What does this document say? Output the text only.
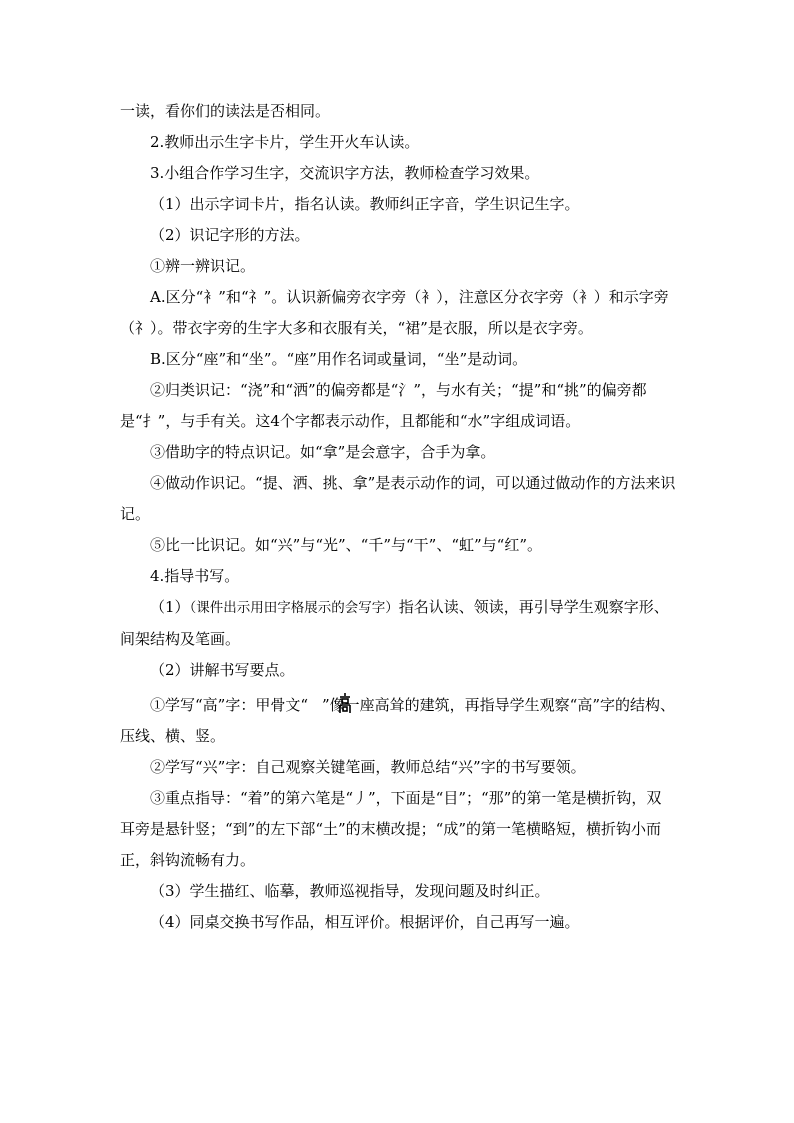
一读，看你们的读法是否相同。

2.教师出示生字卡片，学生开火车认读。

3.小组合作学习生字，交流识字方法，教师检查学习效果。

（1）出示字词卡片，指名认读。教师纠正字音，学生识记生字。

（2）识记字形的方法。

①辨一辨识记。

A.区分“衤”和“礻”。认识新偏旁衣字旁（衤），注意区分衣字旁（衤）和示字旁（礻）。带衣字旁的生字大多和衣服有关，“裙”是衣服，所以是衣字旁。

B.区分“座”和“坐”。“座”用作名词或量词，“坐”是动词。

②归类识记：“浇”和“洒”的偏旁都是“氵”，与水有关；“提”和“挑”的偏旁都是“扌”，与手有关。这4个字都表示动作，且都能和“水”字组成词语。

③借助字的特点识记。如“拿”是会意字，合手为拿。

④做动作识记。“提、洒、挑、拿”是表示动作的词，可以通过做动作的方法来识记。

⑤比一比识记。如“兴”与“光”、“千”与“干”、“虹”与“红”。

4.指导书写。

（1）（课件出示用田字格展示的会写字）指名认读、领读，再引导学生观察字形、间架结构及笔画。

（2）讲解书写要点。

①学写“高”字：甲骨文“ ”像一座高耸的建筑，再指导学生观察“高”字的结构、压线、横、竖。

②学写“兴”字：自己观察关键笔画，教师总结“兴”字的书写要领。

③重点指导：“着”的第六笔是“丿”，下面是“目”；“那”的第一笔是横折钩，双耳旁是悬针竖；“到”的左下部“土”的末横改提；“成”的第一笔横略短，横折钩小而正，斜钩流畅有力。

（3）学生描红、临摹，教师巡视指导，发现问题及时纠正。

（4）同桌交换书写作品，相互评价。根据评价，自己再写一遍。
